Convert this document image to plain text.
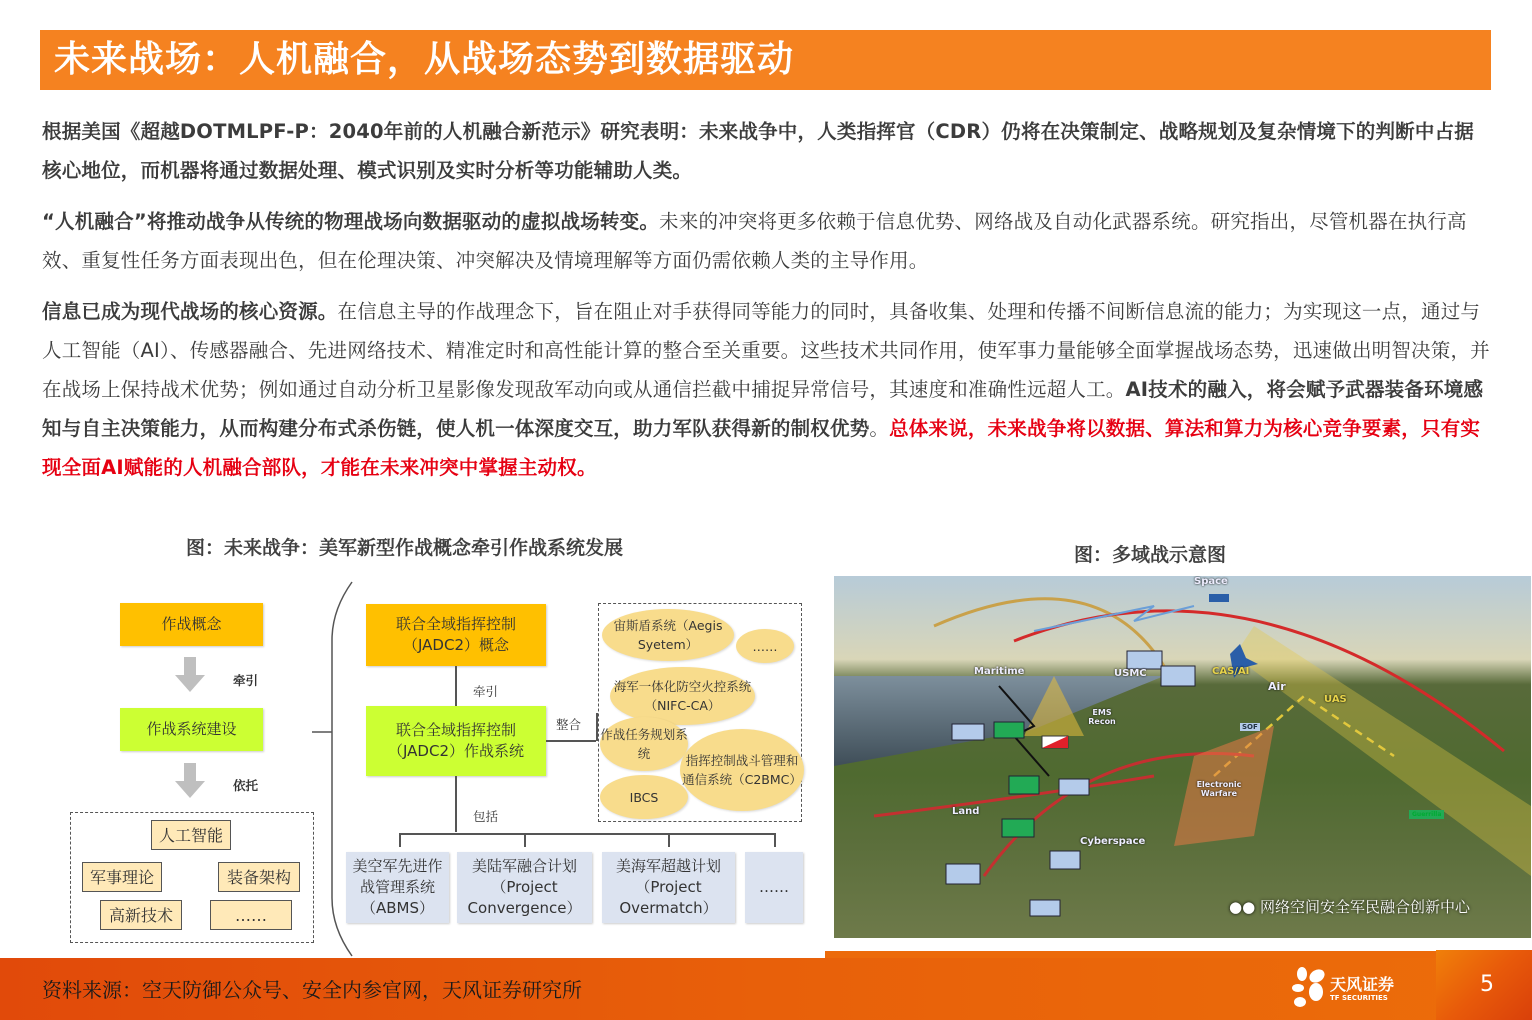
未来战场：人机融合，从战场态势到数据驱动
根据美国《超越DOTMLPF-P：2040年前的人机融合新范示》研究表明：未来战争中，人类指挥官（CDR）仍将在决策制定、战略规划及复杂情境下的判断中占据核心地位，而机器将通过数据处理、模式识别及实时分析等功能辅助人类。
“人机融合”将推动战争从传统的物理战场向数据驱动的虚拟战场转变。未来的冲突将更多依赖于信息优势、网络战及自动化武器系统。研究指出，尽管机器在执行高效、重复性任务方面表现出色，但在伦理决策、冲突解决及情境理解等方面仍需依赖人类的主导作用。
信息已成为现代战场的核心资源。在信息主导的作战理念下，旨在阻止对手获得同等能力的同时，具备收集、处理和传播不间断信息流的能力；为实现这一点，通过与人工智能（AI）、传感器融合、先进网络技术、精准定时和高性能计算的整合至关重要。这些技术共同作用，使军事力量能够全面掌握战场态势，迅速做出明智决策，并在战场上保持战术优势；例如通过自动分析卫星影像发现敌军动向或从通信拦截中捕捉异常信号，其速度和准确性远超人工。AI技术的融入，将会赋予武器装备环境感知与自主决策能力，从而构建分布式杀伤链，使人机一体深度交互，助力军队获得新的制权优势。总体来说，未来战争将以数据、算法和算力为核心竞争要素，只有实现全面AI赋能的人机融合部队，才能在未来冲突中掌握主动权。
图：未来战争：美军新型作战概念牵引作战系统发展	图：多域战示意图
作战概念
牵引
作战系统建设
依托
人工智能
军事理论	装备架构
高新技术	……
联合全域指挥控制（JADC2）概念
牵引
联合全域指挥控制（JADC2）作战系统
整合
包括
宙斯盾系统（Aegis Syetem）	……
海军一体化防空火控系统（NIFC-CA）
作战任务规划系统	指挥控制战斗管理和通信系统（C2BMC）
IBCS
美空军先进作战管理系统（ABMS）
美陆军融合计划（Project Convergence）
美海军超越计划（Project Overmatch）
……
Space
Maritime	USMC	CAS/AI
Air
UAS
EMS Recon
SOF
Electronic Warfare
Land
Cyberspace
Guerrilla
●● 网络空间安全军民融合创新中心
资料来源：空天防御公众号、安全内参官网，天风证券研究所	天风证券
TF SECURITIES
5
